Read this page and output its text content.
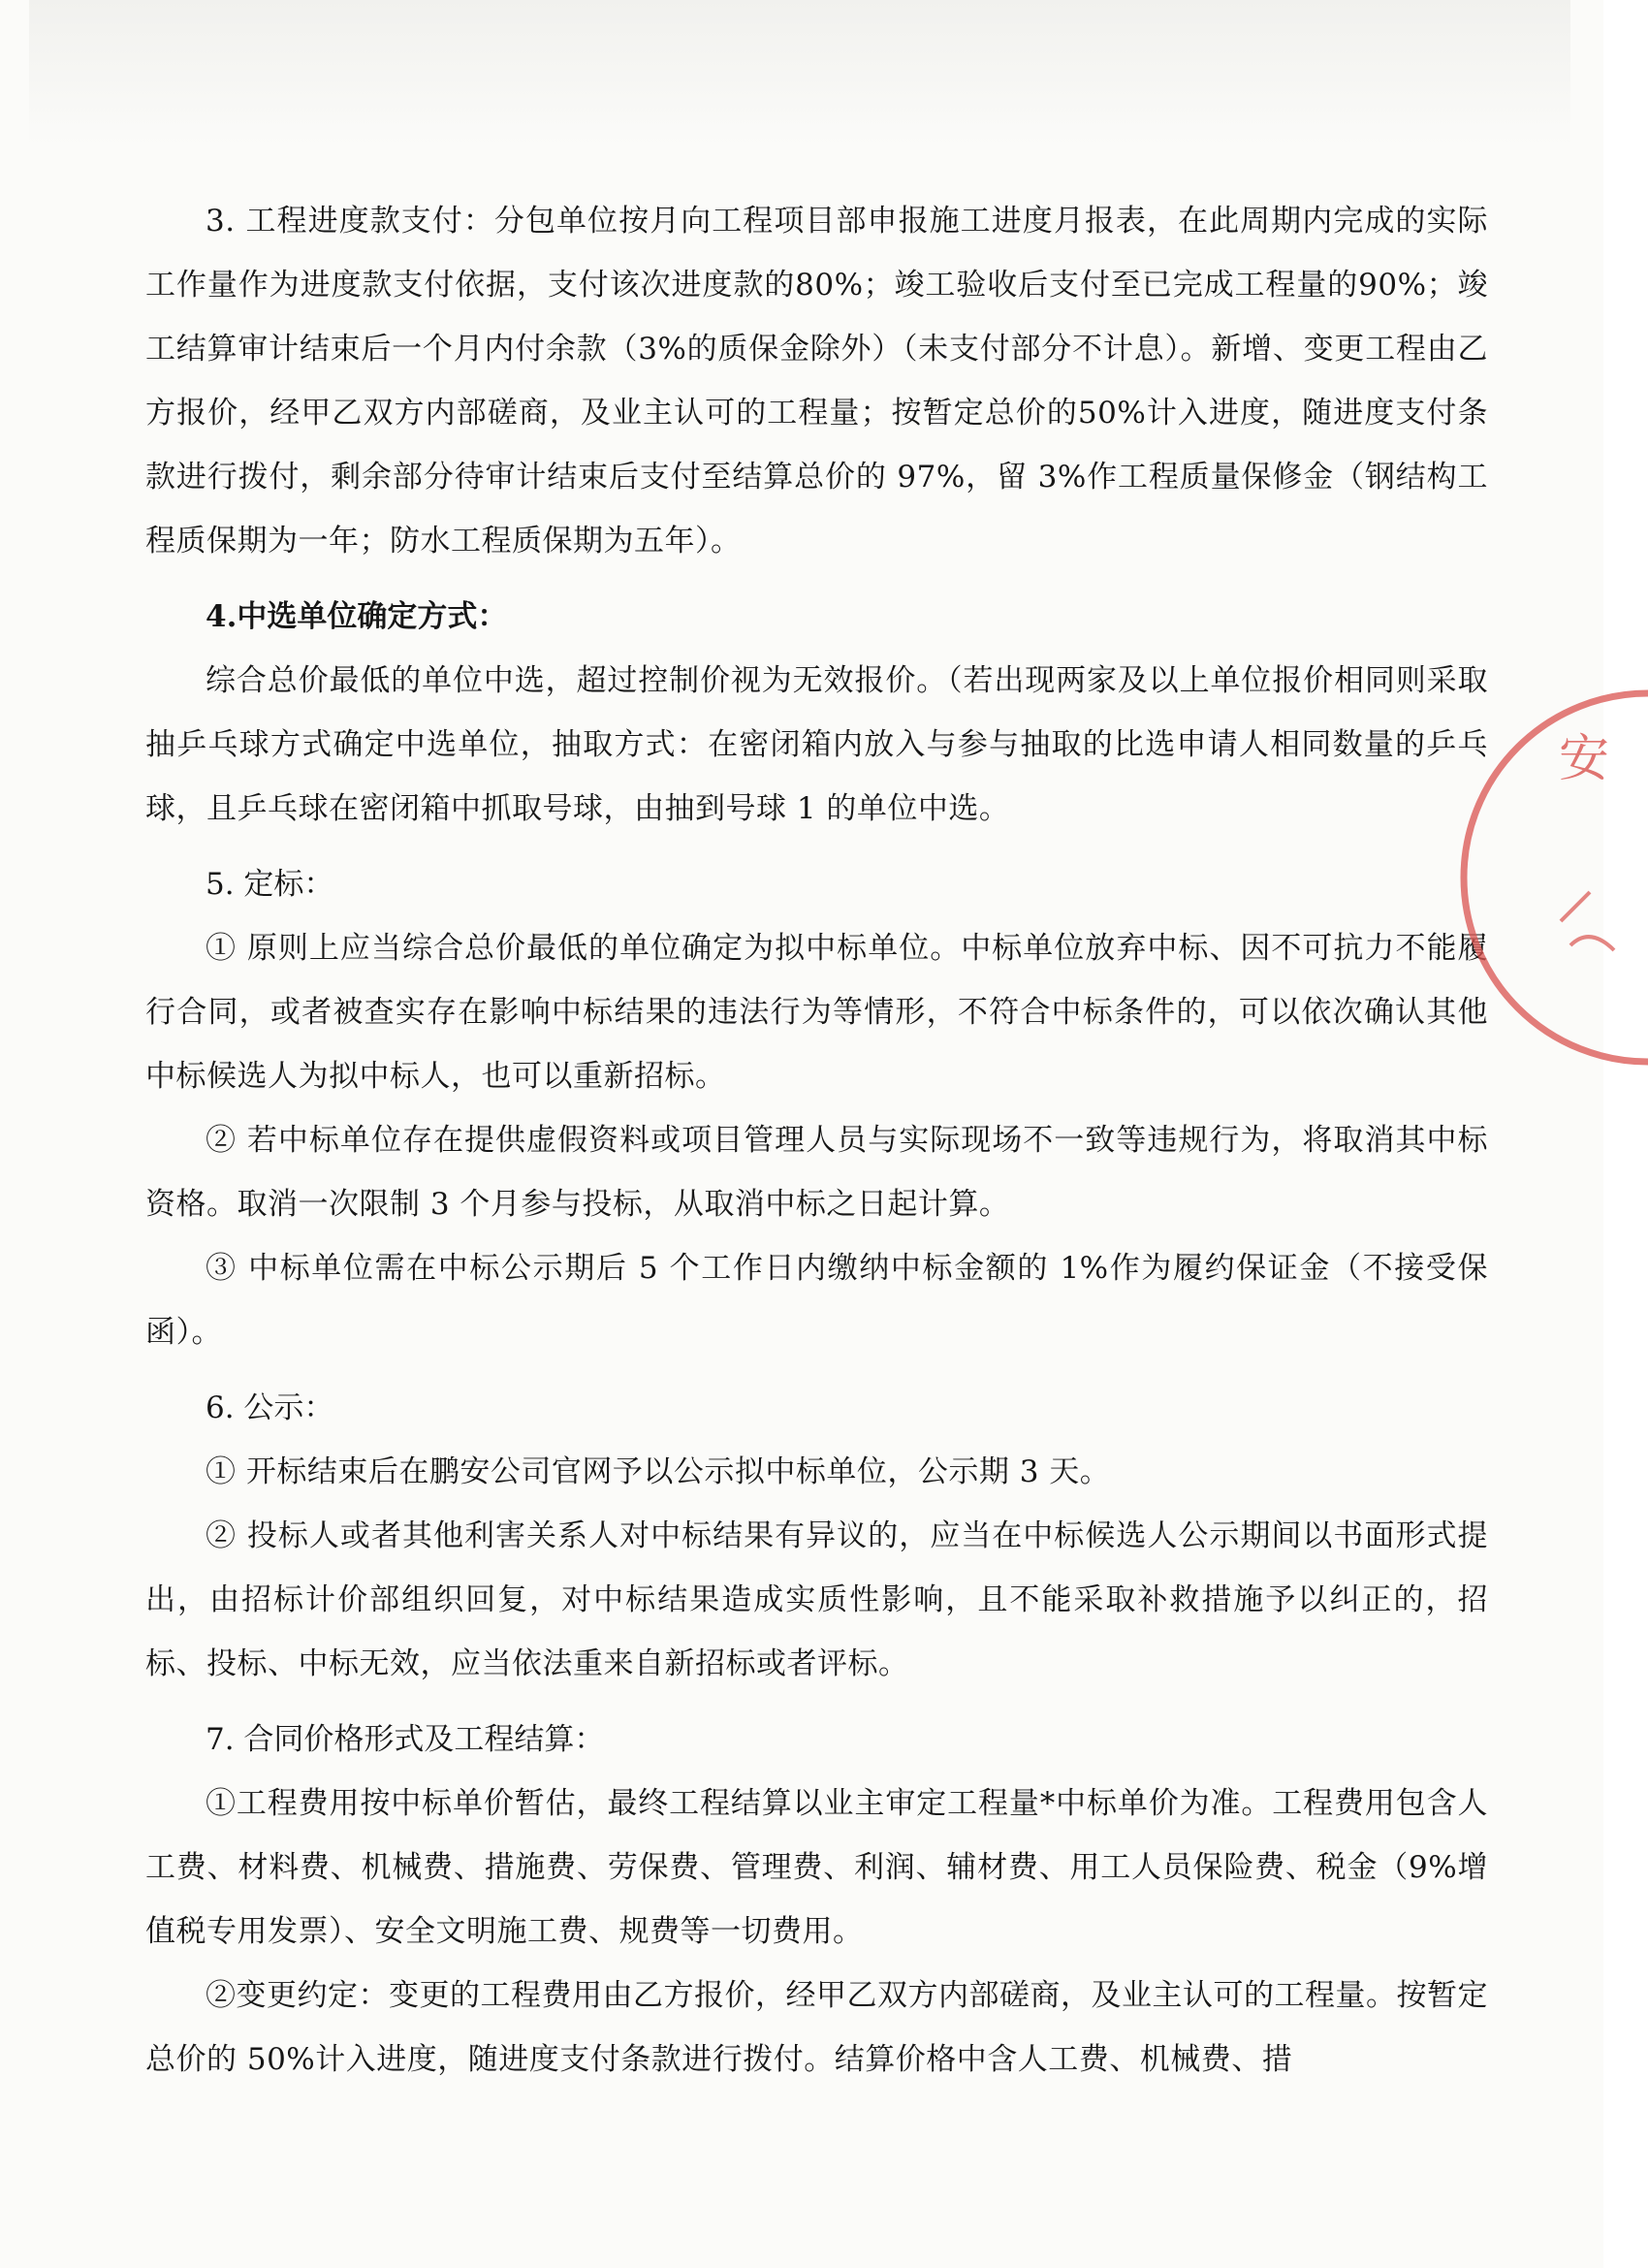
3. 工程进度款支付：分包单位按月向工程项目部申报施工进度月报表，在此周期内完成的实际工作量作为进度款支付依据，支付该次进度款的80%；竣工验收后支付至已完成工程量的90%；竣工结算审计结束后一个月内付余款（3%的质保金除外）（未支付部分不计息）。新增、变更工程由乙方报价，经甲乙双方内部磋商，及业主认可的工程量；按暂定总价的50%计入进度，随进度支付条款进行拨付，剩余部分待审计结束后支付至结算总价的 97%，留 3%作工程质量保修金（钢结构工程质保期为一年；防水工程质保期为五年）。

4.中选单位确定方式：

综合总价最低的单位中选，超过控制价视为无效报价。（若出现两家及以上单位报价相同则采取抽乒乓球方式确定中选单位，抽取方式：在密闭箱内放入与参与抽取的比选申请人相同数量的乒乓球，且乒乓球在密闭箱中抓取号球，由抽到号球 1 的单位中选。

5. 定标：

① 原则上应当综合总价最低的单位确定为拟中标单位。中标单位放弃中标、因不可抗力不能履行合同，或者被查实存在影响中标结果的违法行为等情形，不符合中标条件的，可以依次确认其他中标候选人为拟中标人，也可以重新招标。

② 若中标单位存在提供虚假资料或项目管理人员与实际现场不一致等违规行为，将取消其中标资格。取消一次限制 3 个月参与投标，从取消中标之日起计算。

③ 中标单位需在中标公示期后 5 个工作日内缴纳中标金额的 1%作为履约保证金（不接受保函）。

6. 公示：

① 开标结束后在鹏安公司官网予以公示拟中标单位，公示期 3 天。

② 投标人或者其他利害关系人对中标结果有异议的，应当在中标候选人公示期间以书面形式提出，由招标计价部组织回复，对中标结果造成实质性影响，且不能采取补救措施予以纠正的，招标、投标、中标无效，应当依法重来自新招标或者评标。

7. 合同价格形式及工程结算：

①工程费用按中标单价暂估，最终工程结算以业主审定工程量*中标单价为准。工程费用包含人工费、材料费、机械费、措施费、劳保费、管理费、利润、辅材费、用工人员保险费、税金（9%增值税专用发票）、安全文明施工费、规费等一切费用。

②变更约定：变更的工程费用由乙方报价，经甲乙双方内部磋商，及业主认可的工程量。按暂定总价的 50%计入进度，随进度支付条款进行拨付。结算价格中含人工费、机械费、措

安
